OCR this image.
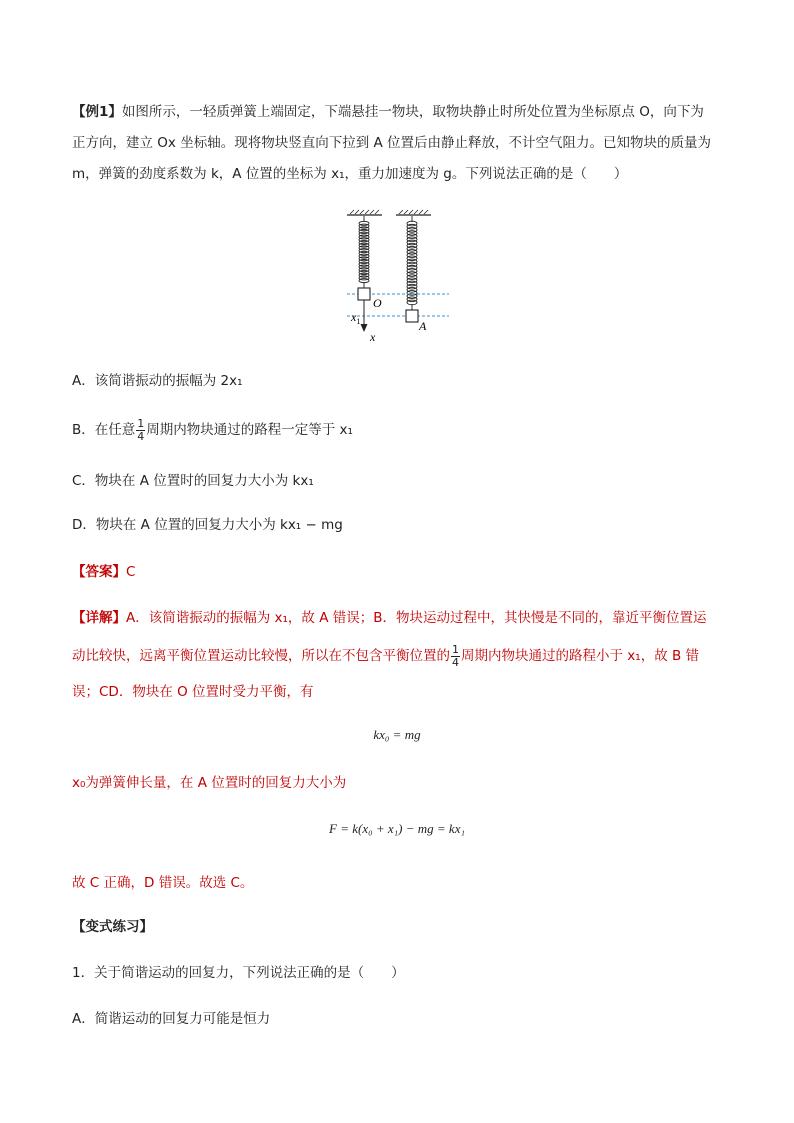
【例1】如图所示，一轻质弹簧上端固定，下端悬挂一物块，取物块静止时所处位置为坐标原点 O，向下为
正方向，建立 Ox 坐标轴。现将物块竖直向下拉到 A 位置后由静止释放，不计空气阻力。已知物块的质量为
m，弹簧的劲度系数为 k，A 位置的坐标为 x₁，重力加速度为 g。下列说法正确的是（　　）
O
A
$x_1$
x
A．该简谐振动的振幅为 2x₁
B．在任意 $\frac{1}{4}$ 周期内物块通过的路程一定等于 x₁
C．物块在 A 位置时的回复力大小为 kx₁
D．物块在 A 位置的回复力大小为 kx₁ − mg
【答案】C
【详解】A．该简谐振动的振幅为 x₁，故 A 错误；B．物块运动过程中，其快慢是不同的，靠近平衡位置运
动比较快，远离平衡位置运动比较慢，所以在不包含平衡位置的 $\frac{1}{4}$ 周期内物块通过的路程小于 x₁，故 B 错
误；CD．物块在 O 位置时受力平衡，有
kx₀ = mg
x₀为弹簧伸长量，在 A 位置时的回复力大小为
F = k(x₀ + x₁) − mg = kx₁
故 C 正确，D 错误。故选 C。
【变式练习】
1．关于简谐运动的回复力，下列说法正确的是（　　）
A．简谐运动的回复力可能是恒力
